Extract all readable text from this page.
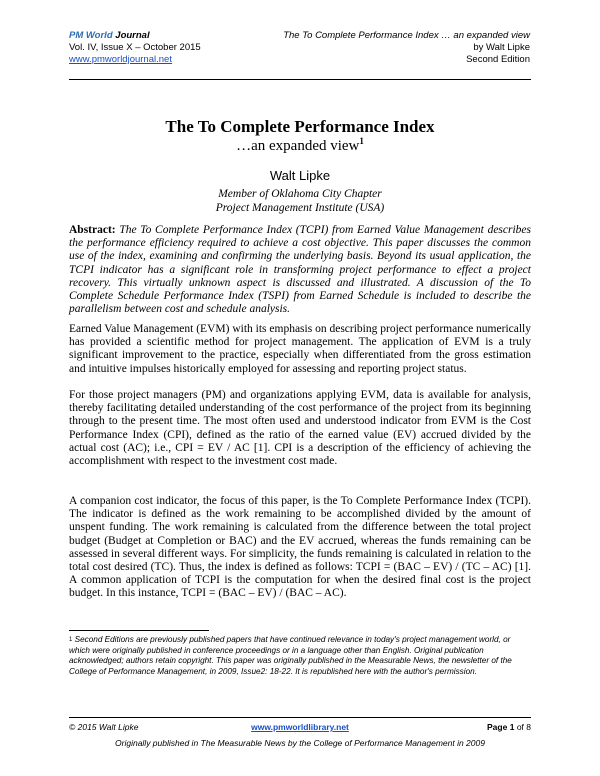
PM World Journal
Vol. IV, Issue X – October 2015
www.pmworldjournal.net
The To Complete Performance Index … an expanded view
by Walt Lipke
Second Edition
The To Complete Performance Index
…an expanded view$^1$
Walt Lipke
Member of Oklahoma City Chapter
Project Management Institute (USA)
Abstract: The To Complete Performance Index (TCPI) from Earned Value Management describes the performance efficiency required to achieve a cost objective. This paper discusses the common use of the index, examining and confirming the underlying basis. Beyond its usual application, the TCPI indicator has a significant role in transforming project performance to effect a project recovery. This virtually unknown aspect is discussed and illustrated. A discussion of the To Complete Schedule Performance Index (TSPI) from Earned Schedule is included to describe the parallelism between cost and schedule analysis.
Earned Value Management (EVM) with its emphasis on describing project performance numerically has provided a scientific method for project management. The application of EVM is a truly significant improvement to the practice, especially when differentiated from the gross estimation and intuitive impulses historically employed for assessing and reporting project status.
For those project managers (PM) and organizations applying EVM, data is available for analysis, thereby facilitating detailed understanding of the cost performance of the project from its beginning through to the present time. The most often used and understood indicator from EVM is the Cost Performance Index (CPI), defined as the ratio of the earned value (EV) accrued divided by the actual cost (AC); i.e., CPI = EV / AC [1]. CPI is a description of the efficiency of achieving the accomplishment with respect to the investment cost made.
A companion cost indicator, the focus of this paper, is the To Complete Performance Index (TCPI). The indicator is defined as the work remaining to be accomplished divided by the amount of unspent funding. The work remaining is calculated from the difference between the total project budget (Budget at Completion or BAC) and the EV accrued, whereas the funds remaining can be assessed in several different ways. For simplicity, the funds remaining is calculated in relation to the total cost desired (TC). Thus, the index is defined as follows: TCPI = (BAC – EV) / (TC – AC) [1]. A common application of TCPI is the computation for when the desired final cost is the project budget. In this instance, TCPI = (BAC – EV) / (BAC – AC).
$^1$ Second Editions are previously published papers that have continued relevance in today's project management world, or which were originally published in conference proceedings or in a language other than English. Original publication acknowledged; authors retain copyright. This paper was originally published in the Measurable News, the newsletter of the College of Performance Management, in 2009, Issue2: 18-22. It is republished here with the author's permission.
© 2015 Walt Lipke	www.pmworldlibrary.net	Page 1 of 8
Originally published in The Measurable News by the College of Performance Management in 2009
